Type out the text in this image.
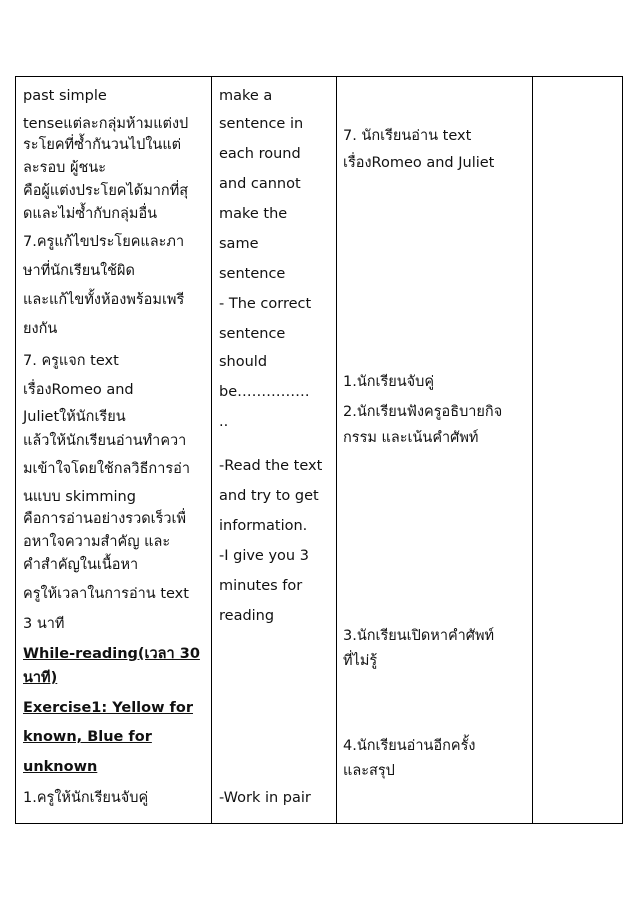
past simple
tenseแต่ละกลุ่มห้ามแต่งป
ระโยคที่ซ้ำกันวนไปในแต่
ละรอบ ผู้ชนะ
คือผู้แต่งประโยคได้มากที่สุ
ดและไม่ซ้ำกับกลุ่มอื่น
7.ครูแก้ไขประโยคและภา
ษาที่นักเรียนใช้ผิด
และแก้ไขทั้งห้องพร้อมเพรี
ยงกัน
7. ครูแจก text
เรื่องRomeo and
Julietให้นักเรียน
แล้วให้นักเรียนอ่านทำควา
มเข้าใจโดยใช้กลวิธีการอ่า
นแบบ skimming
คือการอ่านอย่างรวดเร็วเพื่
อหาใจความสำคัญ และ
คำสำคัญในเนื้อหา
ครูให้เวลาในการอ่าน text
3 นาที
While-reading(เวลา 30
นาที)
Exercise1: Yellow for
known, Blue for
unknown
1.ครูให้นักเรียนจับคู่
make a
sentence in
each round
and cannot
make the
same
sentence
- The correct
sentence
should
be……………
..
-Read the text
and try to get
information.
-I give you 3
minutes for
reading
-Work in pair
7. นักเรียนอ่าน text
เรื่องRomeo and Juliet
1.นักเรียนจับคู่
2.นักเรียนฟังครูอธิบายกิจ
กรรม และเน้นคำศัพท์
3.นักเรียนเปิดหาคำศัพท์
ที่ไม่รู้
4.นักเรียนอ่านอีกครั้ง
และสรุป
